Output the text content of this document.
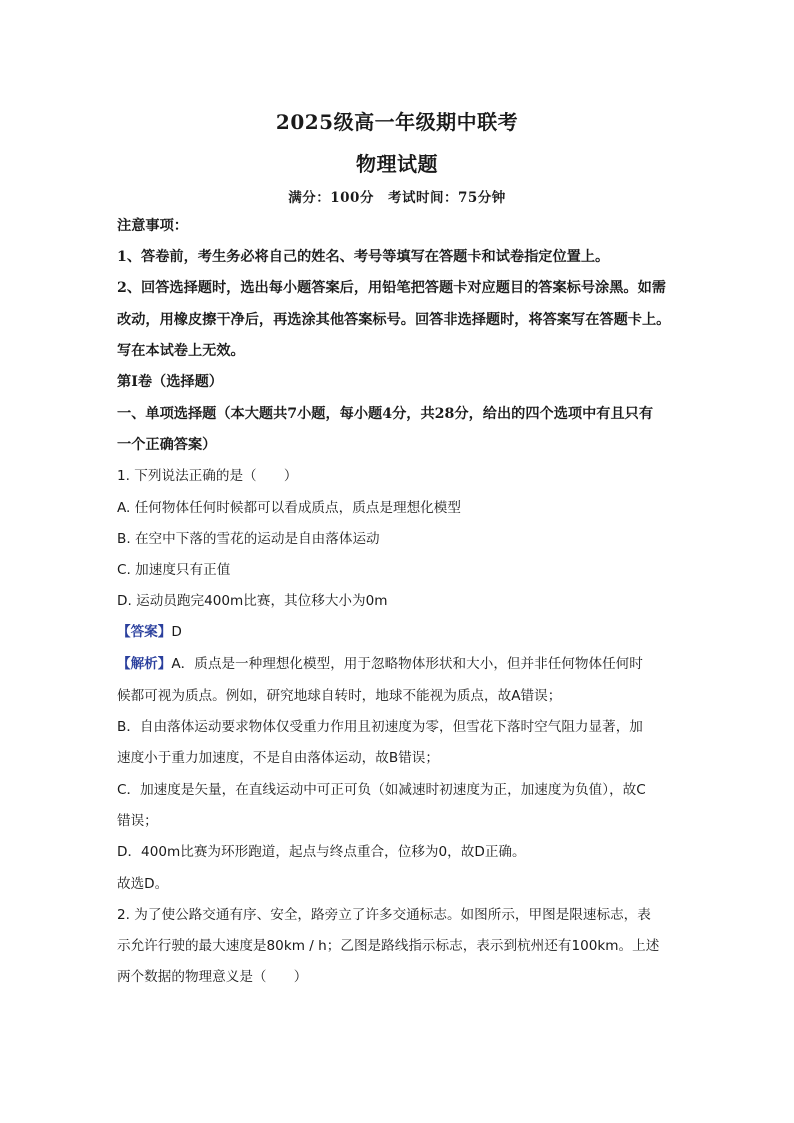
2025级高一年级期中联考
物理试题
满分：100分　考试时间：75分钟
注意事项：
1、答卷前，考生务必将自己的姓名、考号等填写在答题卡和试卷指定位置上。
2、回答选择题时，选出每小题答案后，用铅笔把答题卡对应题目的答案标号涂黑。如需
改动，用橡皮擦干净后，再选涂其他答案标号。回答非选择题时，将答案写在答题卡上。
写在本试卷上无效。
第I卷（选择题）
一、单项选择题（本大题共7小题，每小题4分，共28分，给出的四个选项中有且只有
一个正确答案）
1. 下列说法正确的是（　　）
A. 任何物体任何时候都可以看成质点，质点是理想化模型
B. 在空中下落的雪花的运动是自由落体运动
C. 加速度只有正值
D. 运动员跑完400m比赛，其位移大小为0m
【答案】D
【解析】A．质点是一种理想化模型，用于忽略物体形状和大小，但并非任何物体任何时
候都可视为质点。例如，研究地球自转时，地球不能视为质点，故A错误；
B．自由落体运动要求物体仅受重力作用且初速度为零，但雪花下落时空气阻力显著，加
速度小于重力加速度，不是自由落体运动，故B错误；
C．加速度是矢量，在直线运动中可正可负（如减速时初速度为正，加速度为负值），故C
错误；
D．400m比赛为环形跑道，起点与终点重合，位移为0，故D正确。
故选D。
2. 为了使公路交通有序、安全，路旁立了许多交通标志。如图所示，甲图是限速标志，表
示允许行驶的最大速度是80km / h；乙图是路线指示标志，表示到杭州还有100km。上述
两个数据的物理意义是（　　）
